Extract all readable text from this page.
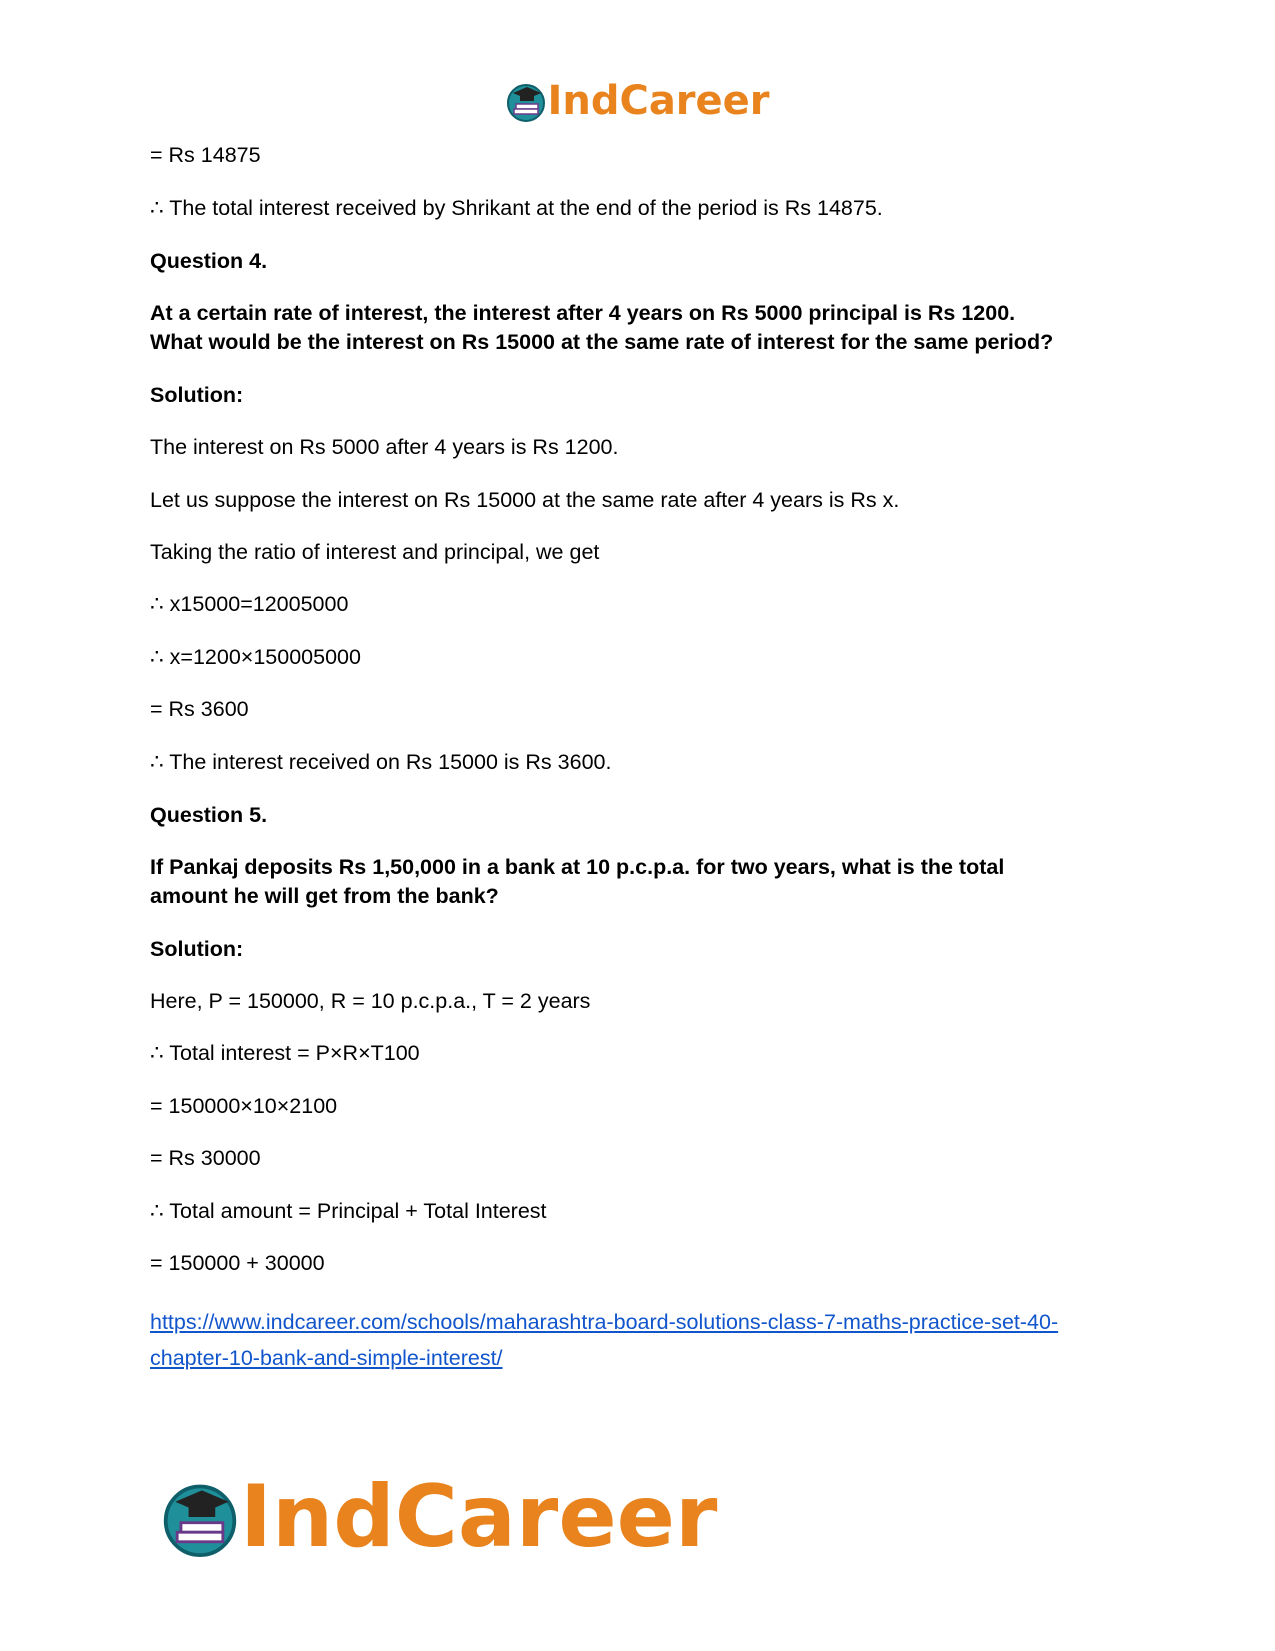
IndCareer
= Rs 14875
∴ The total interest received by Shrikant at the end of the period is Rs 14875.
Question 4.
At a certain rate of interest, the interest after 4 years on Rs 5000 principal is Rs 1200.
What would be the interest on Rs 15000 at the same rate of interest for the same period?
Solution:
The interest on Rs 5000 after 4 years is Rs 1200.
Let us suppose the interest on Rs 15000 at the same rate after 4 years is Rs x.
Taking the ratio of interest and principal, we get
∴ x15000=12005000
∴ x=1200×150005000
= Rs 3600
∴ The interest received on Rs 15000 is Rs 3600.
Question 5.
If Pankaj deposits Rs 1,50,000 in a bank at 10 p.c.p.a. for two years, what is the total
amount he will get from the bank?
Solution:
Here, P = 150000, R = 10 p.c.p.a., T = 2 years
∴ Total interest = P×R×T100
= 150000×10×2100
= Rs 30000
∴ Total amount = Principal + Total Interest
= 150000 + 30000
https://www.indcareer.com/schools/maharashtra-board-solutions-class-7-maths-practice-set-40-
chapter-10-bank-and-simple-interest/
IndCareer
